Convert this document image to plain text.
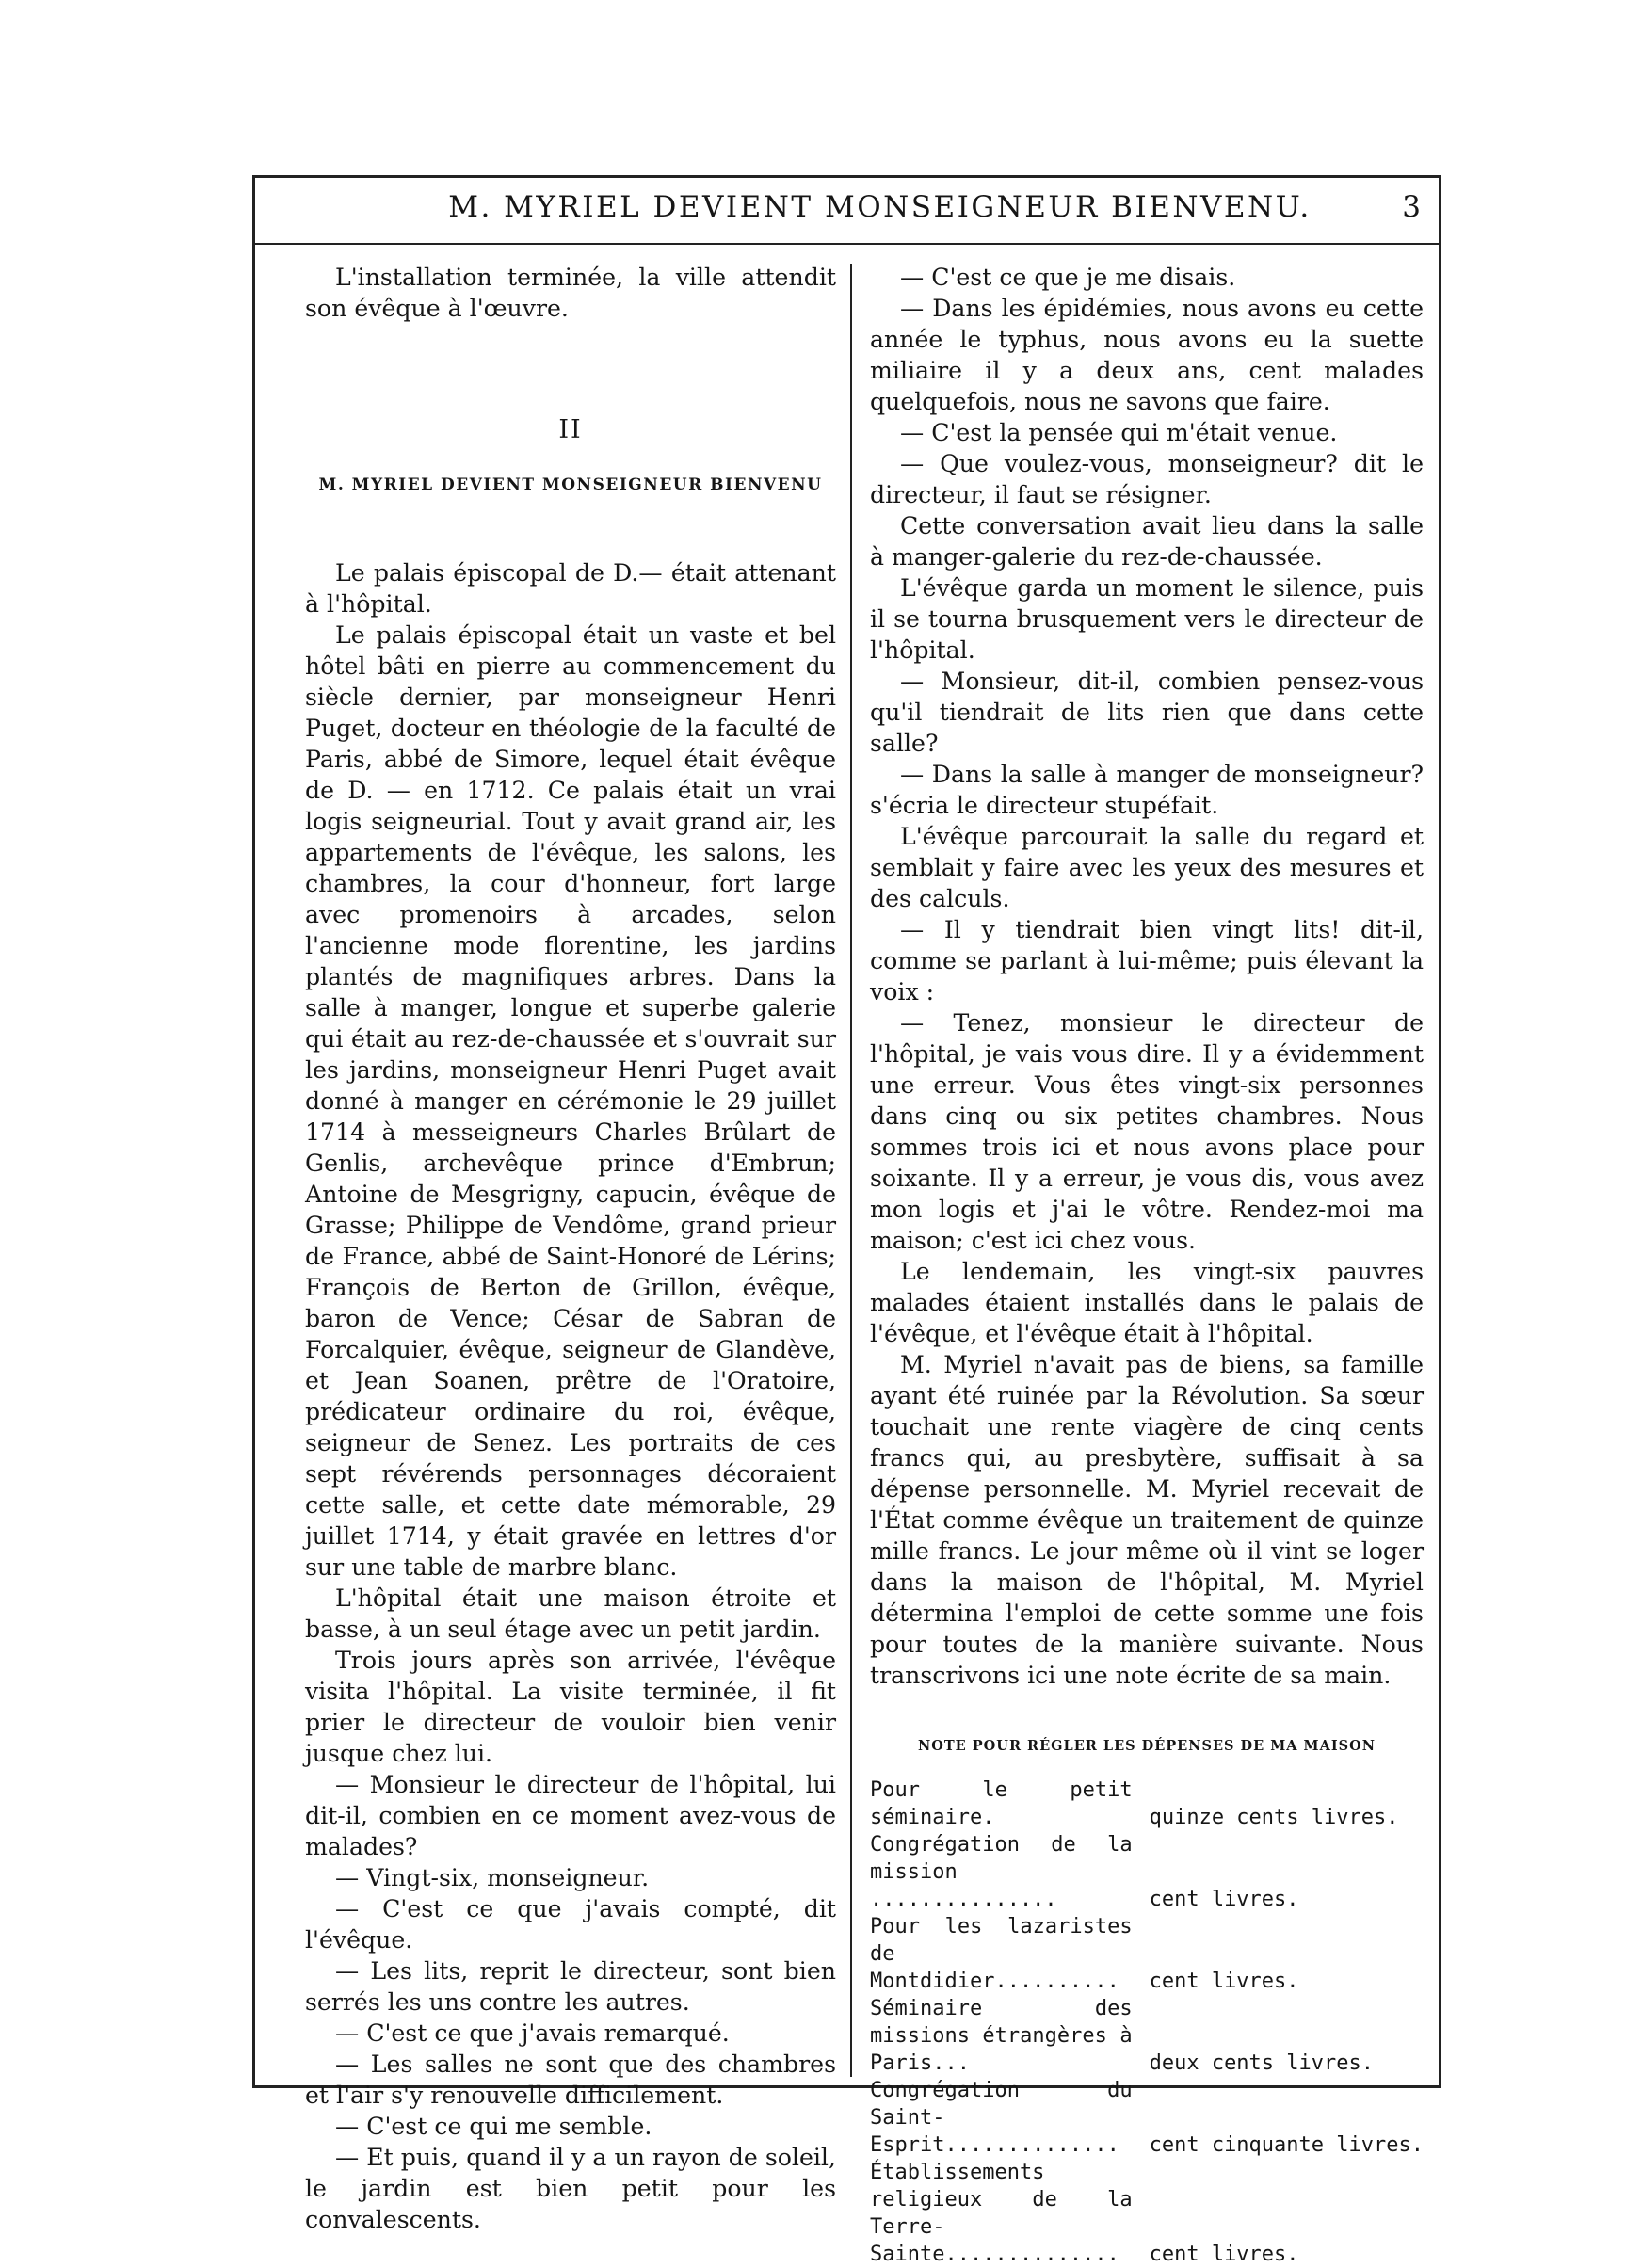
M. MYRIEL DEVIENT MONSEIGNEUR BIENVENU.	3

L'installation terminée, la ville attendit son évêque à l'œuvre.

II
M. MYRIEL DEVIENT MONSEIGNEUR BIENVENU

Le palais épiscopal de D.— était attenant à l'hôpital.

Le palais épiscopal était un vaste et bel hôtel bâti en pierre au commencement du siècle dernier, par monseigneur Henri Puget, docteur en théologie de la faculté de Paris, abbé de Simore, lequel était évêque de D. — en 1712. Ce palais était un vrai logis seigneurial. Tout y avait grand air, les appartements de l'évêque, les salons, les chambres, la cour d'honneur, fort large avec promenoirs à arcades, selon l'ancienne mode florentine, les jardins plantés de magnifiques arbres. Dans la salle à manger, longue et superbe galerie qui était au rez-de-chaussée et s'ouvrait sur les jardins, monseigneur Henri Puget avait donné à manger en cérémonie le 29 juillet 1714 à messeigneurs Charles Brûlart de Genlis, archevêque prince d'Embrun; Antoine de Mesgrigny, capucin, évêque de Grasse; Philippe de Vendôme, grand prieur de France, abbé de Saint-Honoré de Lérins; François de Berton de Grillon, évêque, baron de Vence; César de Sabran de Forcalquier, évêque, seigneur de Glandève, et Jean Soanen, prêtre de l'Oratoire, prédicateur ordinaire du roi, évêque, seigneur de Senez. Les portraits de ces sept révérends personnages décoraient cette salle, et cette date mémorable, 29 juillet 1714, y était gravée en lettres d'or sur une table de marbre blanc.

L'hôpital était une maison étroite et basse, à un seul étage avec un petit jardin.

Trois jours après son arrivée, l'évêque visita l'hôpital. La visite terminée, il fit prier le directeur de vouloir bien venir jusque chez lui.

— Monsieur le directeur de l'hôpital, lui dit-il, combien en ce moment avez-vous de malades?

— Vingt-six, monseigneur.

— C'est ce que j'avais compté, dit l'évêque.

— Les lits, reprit le directeur, sont bien serrés les uns contre les autres.

— C'est ce que j'avais remarqué.

— Les salles ne sont que des chambres et l'air s'y renouvelle difficilement.

— C'est ce qui me semble.

— Et puis, quand il y a un rayon de soleil, le jardin est bien petit pour les convalescents.

— C'est ce que je me disais.

— Dans les épidémies, nous avons eu cette année le typhus, nous avons eu la suette miliaire il y a deux ans, cent malades quelquefois, nous ne savons que faire.

— C'est la pensée qui m'était venue.

— Que voulez-vous, monseigneur? dit le directeur, il faut se résigner.

Cette conversation avait lieu dans la salle à manger-galerie du rez-de-chaussée.

L'évêque garda un moment le silence, puis il se tourna brusquement vers le directeur de l'hôpital.

— Monsieur, dit-il, combien pensez-vous qu'il tiendrait de lits rien que dans cette salle?

— Dans la salle à manger de monseigneur? s'écria le directeur stupéfait.

L'évêque parcourait la salle du regard et semblait y faire avec les yeux des mesures et des calculs.

— Il y tiendrait bien vingt lits! dit-il, comme se parlant à lui-même; puis élevant la voix :

— Tenez, monsieur le directeur de l'hôpital, je vais vous dire. Il y a évidemment une erreur. Vous êtes vingt-six personnes dans cinq ou six petites chambres. Nous sommes trois ici et nous avons place pour soixante. Il y a erreur, je vous dis, vous avez mon logis et j'ai le vôtre. Rendez-moi ma maison; c'est ici chez vous.

Le lendemain, les vingt-six pauvres malades étaient installés dans le palais de l'évêque, et l'évêque était à l'hôpital.

M. Myriel n'avait pas de biens, sa famille ayant été ruinée par la Révolution. Sa sœur touchait une rente viagère de cinq cents francs qui, au presbytère, suffisait à sa dépense personnelle. M. Myriel recevait de l'État comme évêque un traitement de quinze mille francs. Le jour même où il vint se loger dans la maison de l'hôpital, M. Myriel détermina l'emploi de cette somme une fois pour toutes de la manière suivante. Nous transcrivons ici une note écrite de sa main.

NOTE POUR RÉGLER LES DÉPENSES DE MA MAISON
Pour le petit séminaire.	quinze cents livres.
Congrégation de la mission ...............	cent livres.
Pour les lazaristes de Montdidier..........	cent livres.
Séminaire des missions étrangères à Paris...	deux cents livres.
Congrégation du Saint-Esprit..............	cent cinquante livres.
Établissements religieux de la Terre-Sainte..............	cent livres.
